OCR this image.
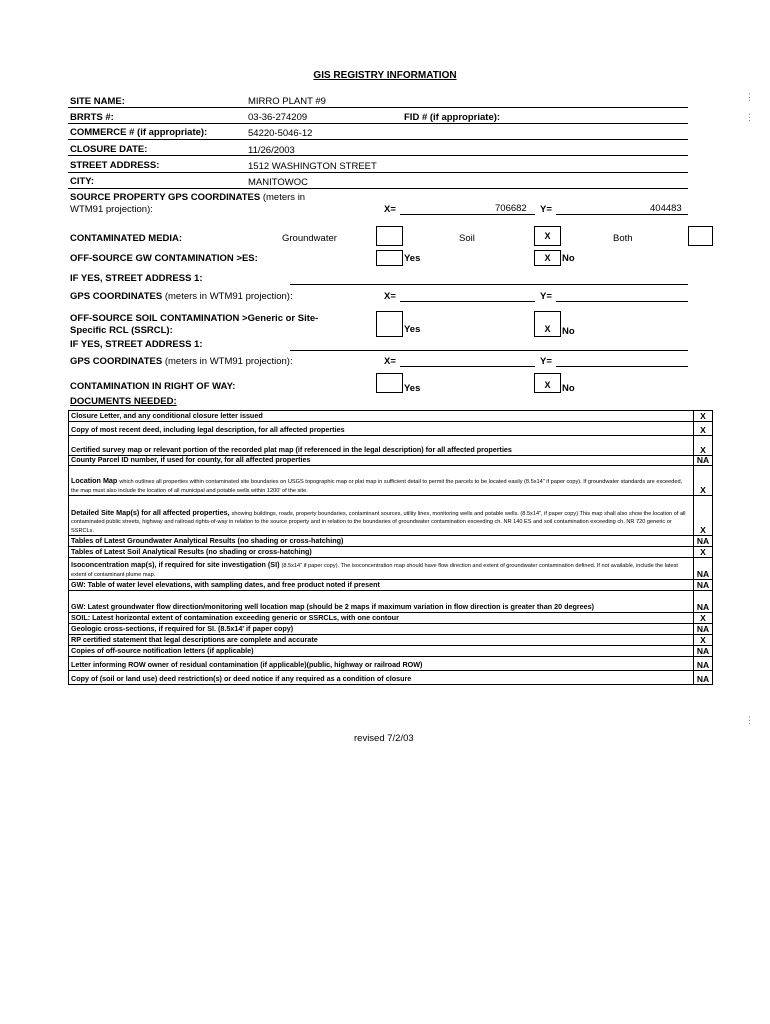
GIS REGISTRY INFORMATION
SITE NAME:	MIRRO PLANT #9
BRRTS #:	03-36-274209	FID # (if appropriate):
COMMERCE # (if appropriate):	54220-5046-12
CLOSURE DATE:	11/26/2003
STREET ADDRESS:	1512 WASHINGTON STREET
CITY:	MANITOWOC
SOURCE PROPERTY GPS COORDINATES (meters in
WTM91 projection):	X=	706682 Y=	404483
CONTAMINATED MEDIA:	Groundwater	Soil	X	Both
OFF-SOURCE GW CONTAMINATION >ES:	Yes	X	No
IF YES, STREET ADDRESS 1:
GPS COORDINATES (meters in WTM91 projection):	X=	Y=
OFF-SOURCE SOIL CONTAMINATION >Generic or Site-
Specific RCL (SSRCL):	Yes	X	No
IF YES, STREET ADDRESS 1:
GPS COORDINATES (meters in WTM91 projection):	X=	Y=
CONTAMINATION IN RIGHT OF WAY:	Yes	X	No
DOCUMENTS NEEDED:
Closure Letter, and any conditional closure letter issued	X
Copy of most recent deed, including legal description, for all affected properties	X
Certified survey map or relevant portion of the recorded plat map (if referenced in the legal description) for all affected properties	X
County Parcel ID number, if used for county, for all affected properties	NA
Location Map which outlines all properties within contaminated site boundaries on USGS topographic map or plat map in sufficient detail to permit the parcels to be located easily (8.5x14" if paper copy). If groundwater standards are exceeded, the map must also include the location of all municipal and potable wells within 1200' of the site.	X
Detailed Site Map(s) for all affected properties, showing buildings, roads, property boundaries, contaminant sources, utility lines, monitoring wells and potable wells. (8.5x14", if paper copy) This map shall also show the location of all contaminated public streets, highway and railroad rights-of-way in relation to the source property and in relation to the boundaries of groundwater contamination exceeding ch. NR 140 ES and soil contamination exceeding ch. NR 720 generic or SSRCLs.	X
Tables of Latest Groundwater Analytical Results (no shading or cross-hatching)	NA
Tables of Latest Soil Analytical Results (no shading or cross-hatching)	X
Isoconcentration map(s), if required for site investigation (SI) (8.5x14" if paper copy). The isoconcentration map should have flow direction and extent of groundwater contamination defined. If not available, include the latest extent of contaminant plume map.	NA
GW: Table of water level elevations, with sampling dates, and free product noted if present	NA
GW: Latest groundwater flow direction/monitoring well location map (should be 2 maps if maximum variation in flow direction is greater than 20 degrees)	NA
SOIL: Latest horizontal extent of contamination exceeding generic or SSRCLs, with one contour	X
Geologic cross-sections, if required for SI. (8.5x14' if paper copy)	NA
RP certified statement that legal descriptions are complete and accurate	X
Copies of off-source notification letters (if applicable)	NA
Letter informing ROW owner of residual contamination (if applicable)(public, highway or railroad ROW)	NA
Copy of (soil or land use) deed restriction(s) or deed notice if any required as a condition of closure	NA
revised 7/2/03
⋮
⋮
⋮
